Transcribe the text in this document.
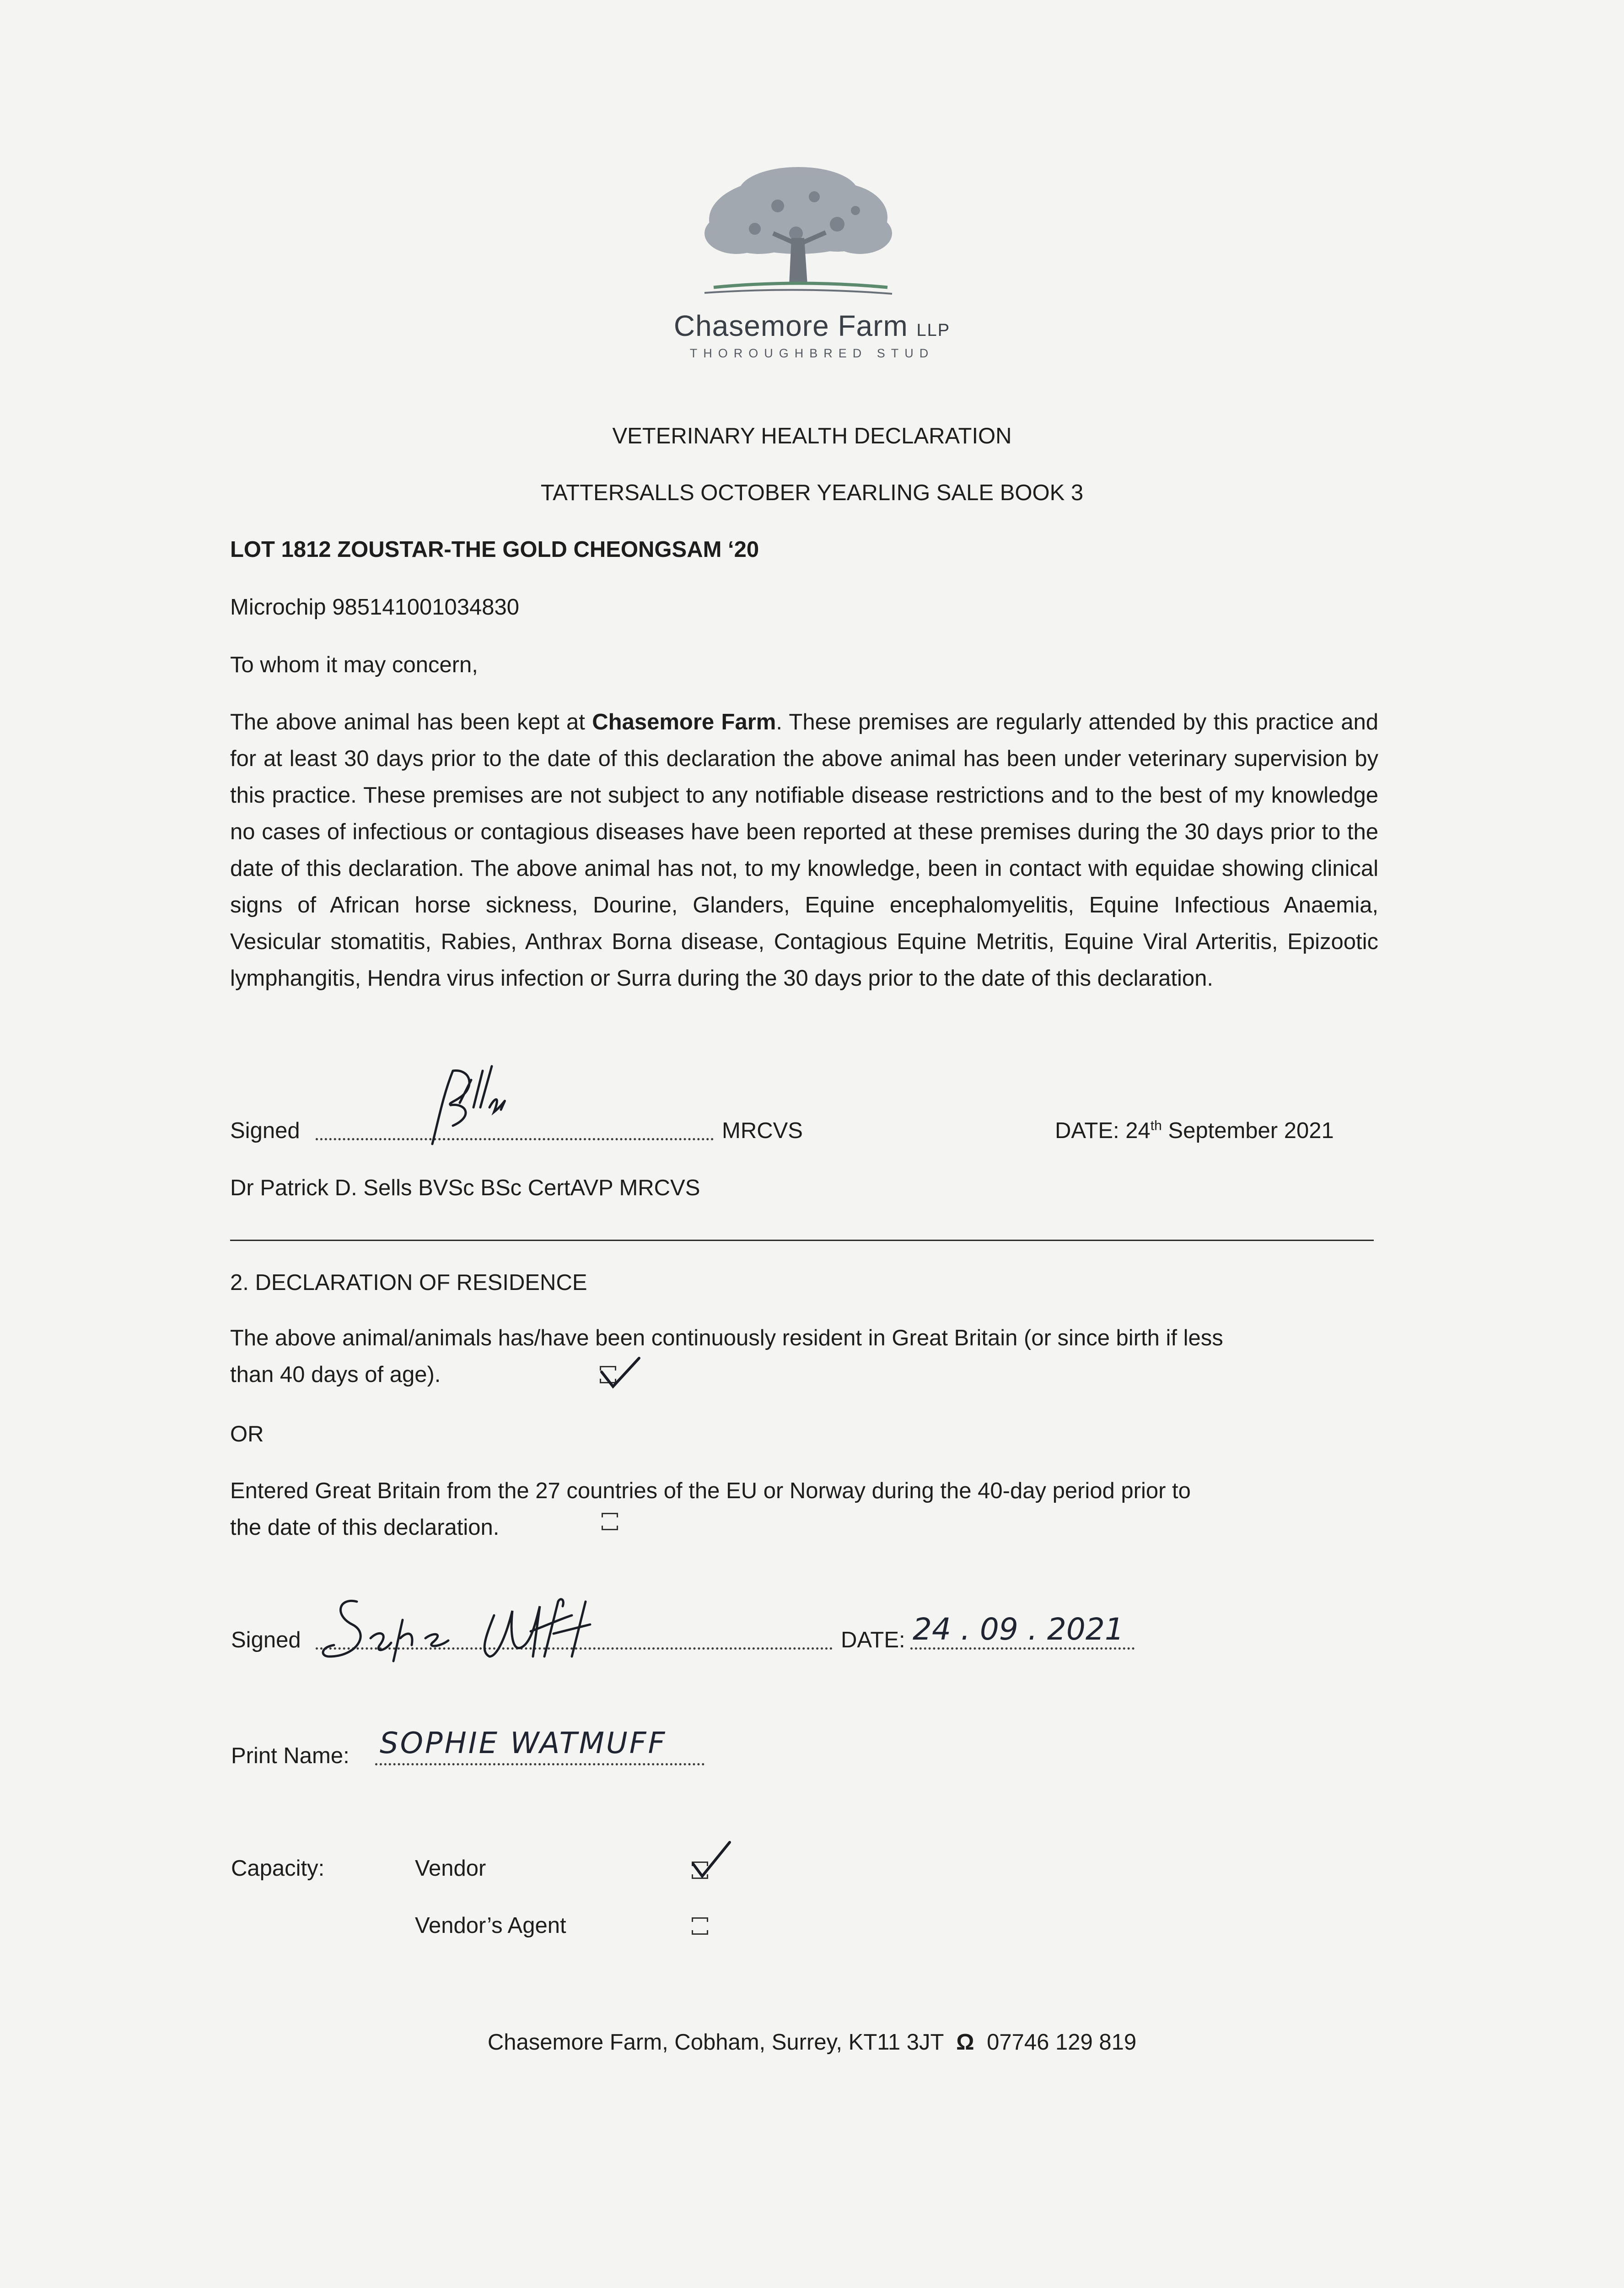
Chasemore Farm LLP
THOROUGHBRED STUD
VETERINARY HEALTH DECLARATION
TATTERSALLS OCTOBER YEARLING SALE BOOK 3
LOT 1812 ZOUSTAR-THE GOLD CHEONGSAM ‘20
Microchip 985141001034830
To whom it may concern,
The above animal has been kept at Chasemore Farm. These premises are regularly attended by this practice and for at least 30 days prior to the date of this declaration the above animal has been under veterinary supervision by this practice. These premises are not subject to any notifiable disease restrictions and to the best of my knowledge no cases of infectious or contagious diseases have been reported at these premises during the 30 days prior to the date of this declaration. The above animal has not, to my knowledge, been in contact with equidae showing clinical signs of African horse sickness, Dourine, Glanders, Equine encephalomyelitis, Equine Infectious Anaemia, Vesicular stomatitis, Rabies, Anthrax Borna disease, Contagious Equine Metritis, Equine Viral Arteritis, Epizootic lymphangitis, Hendra virus infection or Surra during the 30 days prior to the date of this declaration.
Signed	MRCVS	DATE: 24th September 2021
Dr Patrick D. Sells BVSc BSc CertAVP MRCVS
2. DECLARATION OF RESIDENCE
The above animal/animals has/have been continuously resident in Great Britain (or since birth if less
than 40 days of age).
OR
Entered Great Britain from the 27 countries of the EU or Norway during the 40-day period prior to
the date of this declaration.
Signed	DATE: 24 . 09 . 2021
Print Name: SOPHIE WATMUFF
Capacity:	Vendor
Vendor’s Agent
Chasemore Farm, Cobham, Surrey, KT11 3JT Ω 07746 129 819
